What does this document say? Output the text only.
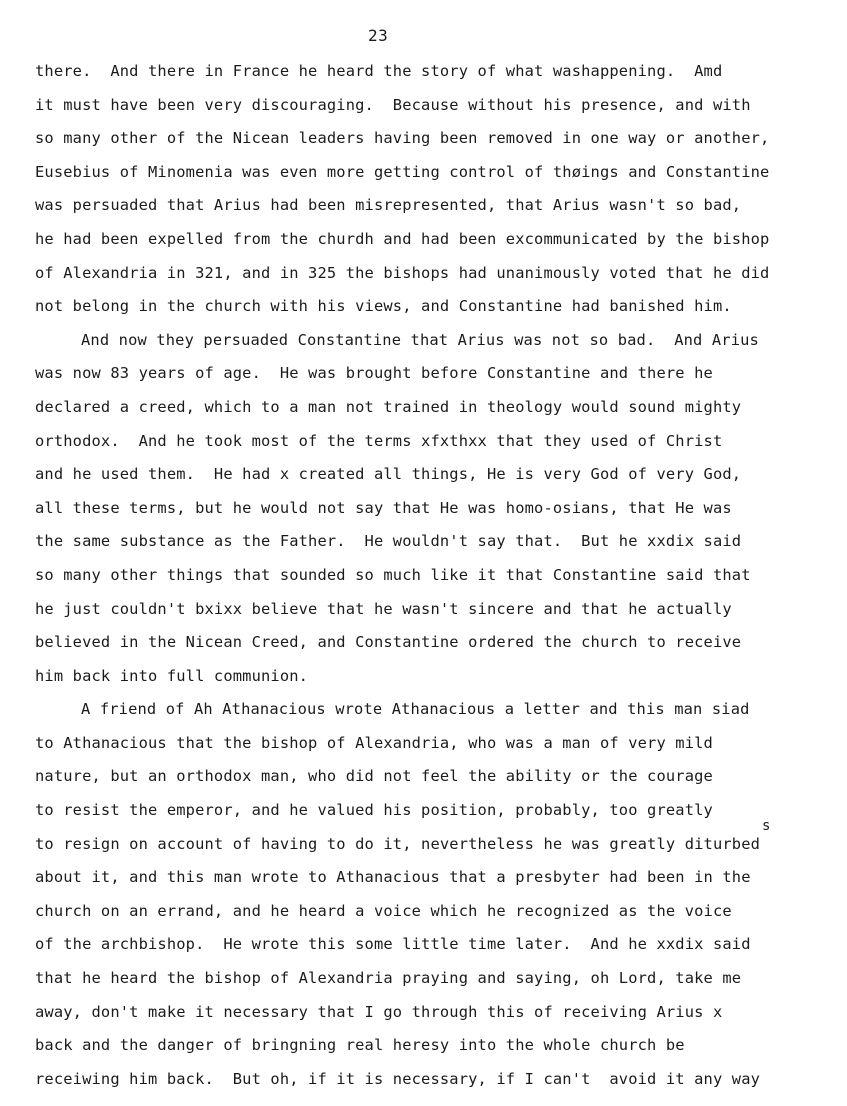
23
there.  And there in France he heard the story of what washappening.  Amd
it must have been very discouraging.  Because without his presence, and with
so many other of the Nicean leaders having been removed in one way or another,
Eusebius of Minomenia was even more getting control of thøings and Constantine
was persuaded that Arius had been misrepresented, that Arius wasn't so bad,
he had been expelled from the churdh and had been excommunicated by the bishop
of Alexandria in 321, and in 325 the bishops had unanimously voted that he did
not belong in the church with his views, and Constantine had banished him.
And now they persuaded Constantine that Arius was not so bad.  And Arius
was now 83 years of age.  He was brought before Constantine and there he
declared a creed, which to a man not trained in theology would sound mighty
orthodox.  And he took most of the terms xfxthxx that they used of Christ
and he used them.  He had x created all things, He is very God of very God,
all these terms, but he would not say that He was homo-osians, that He was
the same substance as the Father.  He wouldn't say that.  But he xxdix said
so many other things that sounded so much like it that Constantine said that
he just couldn't bxixx believe that he wasn't sincere and that he actually
believed in the Nicean Creed, and Constantine ordered the church to receive
him back into full communion.
A friend of Ah Athanacious wrote Athanacious a letter and this man siad
to Athanacious that the bishop of Alexandria, who was a man of very mild
nature, but an orthodox man, who did not feel the ability or the courage
to resist the emperor, and he valued his position, probably, too greatly
to resign on account of having to do it, nevertheless he was greatly diturbed
about it, and this man wrote to Athanacious that a presbyter had been in the
church on an errand, and he heard a voice which he recognized as the voice
of the archbishop.  He wrote this some little time later.  And he xxdix said
that he heard the bishop of Alexandria praying and saying, oh Lord, take me
away, don't make it necessary that I go through this of receiving Arius x
back and the danger of bringning real heresy into the whole church be
receiwing him back.  But oh, if it is necessary, if I can't  avoid it any way
s
